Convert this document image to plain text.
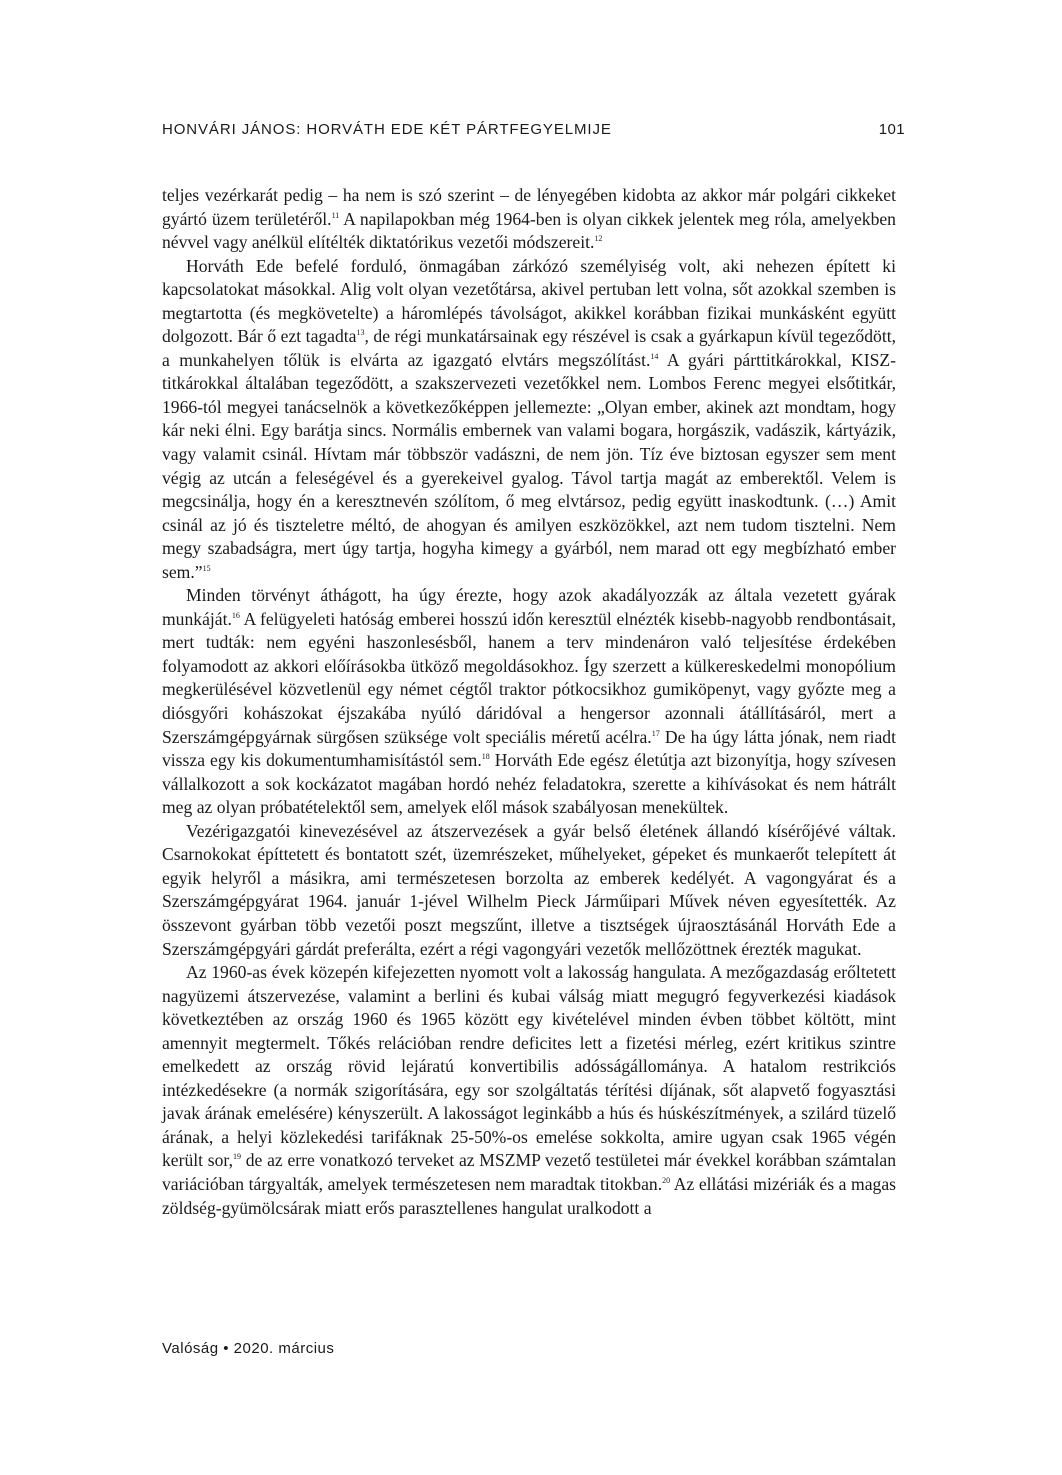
HONVÁRI JÁNOS: HORVÁTH EDE KÉT PÁRTFEGYELMIJE	101

teljes vezérkarát pedig – ha nem is szó szerint – de lényegében kidobta az akkor már polgári cikkeket gyártó üzem területéről.$^{11}$ A napilapokban még 1964-ben is olyan cikkek jelentek meg róla, amelyekben névvel vagy anélkül elítélték diktatórikus vezetői módszereit.$^{12}$

Horváth Ede befelé forduló, önmagában zárkózó személyiség volt, aki nehezen épített ki kapcsolatokat másokkal. Alig volt olyan vezetőtársa, akivel pertuban lett volna, sőt azokkal szemben is megtartotta (és megkövetelte) a háromlépés távolságot, akikkel korábban fizikai munkásként együtt dolgozott. Bár ő ezt tagadta$^{13}$, de régi munkatársainak egy részével is csak a gyárkapun kívül tegeződött, a munkahelyen tőlük is elvárta az igazgató elvtárs megszólítást.$^{14}$ A gyári párttitkárokkal, KISZ-titkárokkal általában tegeződött, a szakszervezeti vezetőkkel nem. Lombos Ferenc megyei elsőtitkár, 1966-tól megyei tanácselnök a következőképpen jellemezte: „Olyan ember, akinek azt mondtam, hogy kár neki élni. Egy barátja sincs. Normális embernek van valami bogara, horgászik, vadászik, kártyázik, vagy valamit csinál. Hívtam már többször vadászni, de nem jön. Tíz éve biztosan egyszer sem ment végig az utcán a feleségével és a gyerekeivel gyalog. Távol tartja magát az emberektől. Velem is megcsinálja, hogy én a keresztnevén szólítom, ő meg elvtársoz, pedig együtt inaskodtunk. (…) Amit csinál az jó és tiszteletre méltó, de ahogyan és amilyen eszközökkel, azt nem tudom tisztelni. Nem megy szabadságra, mert úgy tartja, hogyha kimegy a gyárból, nem marad ott egy megbízható ember sem.”$^{15}$

Minden törvényt áthágott, ha úgy érezte, hogy azok akadályozzák az általa vezetett gyárak munkáját.$^{16}$ A felügyeleti hatóság emberei hosszú időn keresztül elnézték kisebb-nagyobb rendbontásait, mert tudták: nem egyéni haszonlesésből, hanem a terv mindenáron való teljesítése érdekében folyamodott az akkori előírásokba ütköző megoldásokhoz. Így szerzett a külkereskedelmi monopólium megkerülésével közvetlenül egy német cégtől traktor pótkocsikhoz gumiköpenyt, vagy győzte meg a diósgyőri kohászokat éjszakába nyúló dáridóval a hengersor azonnali átállításáról, mert a Szerszámgépgyárnak sürgősen szüksége volt speciális méretű acélra.$^{17}$ De ha úgy látta jónak, nem riadt vissza egy kis dokumentumhamisítástól sem.$^{18}$ Horváth Ede egész életútja azt bizonyítja, hogy szívesen vállalkozott a sok kockázatot magában hordó nehéz feladatokra, szerette a kihívásokat és nem hátrált meg az olyan próbatételektől sem, amelyek elől mások szabályosan menekültek.

Vezérigazgatói kinevezésével az átszervezések a gyár belső életének állandó kísérőjévé váltak. Csarnokokat építtetett és bontatott szét, üzemrészeket, műhelyeket, gépeket és munkaerőt telepített át egyik helyről a másikra, ami természetesen borzolta az emberek kedélyét. A vagongyárat és a Szerszámgépgyárat 1964. január 1-jével Wilhelm Pieck Járműipari Művek néven egyesítették. Az összevont gyárban több vezetői poszt megszűnt, illetve a tisztségek újraosztásánál Horváth Ede a Szerszámgépgyári gárdát preferálta, ezért a régi vagongyári vezetők mellőzöttnek érezték magukat.

Az 1960-as évek közepén kifejezetten nyomott volt a lakosság hangulata. A mezőgazdaság erőltetett nagyüzemi átszervezése, valamint a berlini és kubai válság miatt megugró fegyverkezési kiadások következtében az ország 1960 és 1965 között egy kivételével minden évben többet költött, mint amennyit megtermelt. Tőkés relációban rendre deficites lett a fizetési mérleg, ezért kritikus szintre emelkedett az ország rövid lejáratú konvertibilis adósságállománya. A hatalom restrikciós intézkedésekre (a normák szigorítására, egy sor szolgáltatás térítési díjának, sőt alapvető fogyasztási javak árának emelésére) kényszerült. A lakosságot leginkább a hús és húskészítmények, a szilárd tüzelő árának, a helyi közlekedési tarifáknak 25-50%-os emelése sokkolta, amire ugyan csak 1965 végén került sor,$^{19}$ de az erre vonatkozó terveket az MSZMP vezető testületei már évekkel korábban számtalan variációban tárgyalták, amelyek természetesen nem maradtak titokban.$^{20}$ Az ellátási mizériák és a magas zöldség-gyümölcsárak miatt erős parasztellenes hangulat uralkodott a

Valóság • 2020. március
